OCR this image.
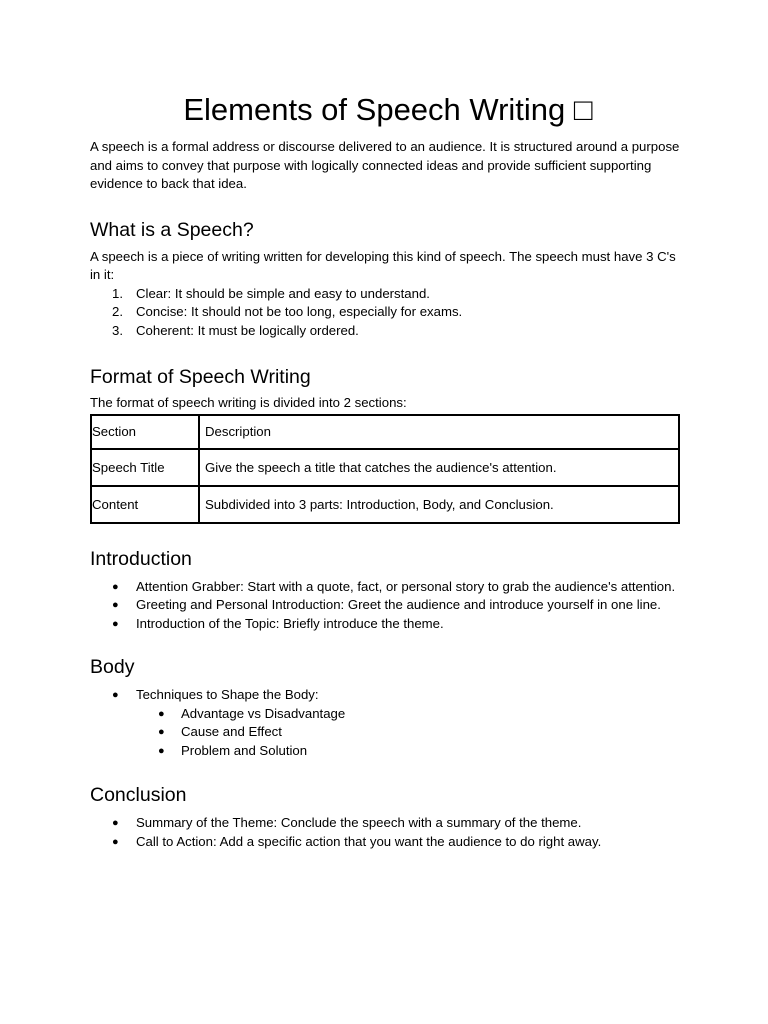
Elements of Speech Writing □

A speech is a formal address or discourse delivered to an audience. It is structured around a purpose and aims to convey that purpose with logically connected ideas and provide sufficient supporting evidence to back that idea.

What is a Speech?

A speech is a piece of writing written for developing this kind of speech. The speech must have 3 C's in it:

1. Clear: It should be simple and easy to understand.
2. Concise: It should not be too long, especially for exams.
3. Coherent: It must be logically ordered.
Format of Speech Writing

The format of speech writing is divided into 2 sections:

Section	Description
Speech Title	Give the speech a title that catches the audience's attention.
Content	Subdivided into 3 parts: Introduction, Body, and Conclusion.
Introduction
● Attention Grabber: Start with a quote, fact, or personal story to grab the audience's attention.
● Greeting and Personal Introduction: Greet the audience and introduce yourself in one line.
● Introduction of the Topic: Briefly introduce the theme.
Body
● Techniques to Shape the Body:
● Advantage vs Disadvantage
● Cause and Effect
● Problem and Solution
Conclusion
● Summary of the Theme: Conclude the speech with a summary of the theme.
● Call to Action: Add a specific action that you want the audience to do right away.
